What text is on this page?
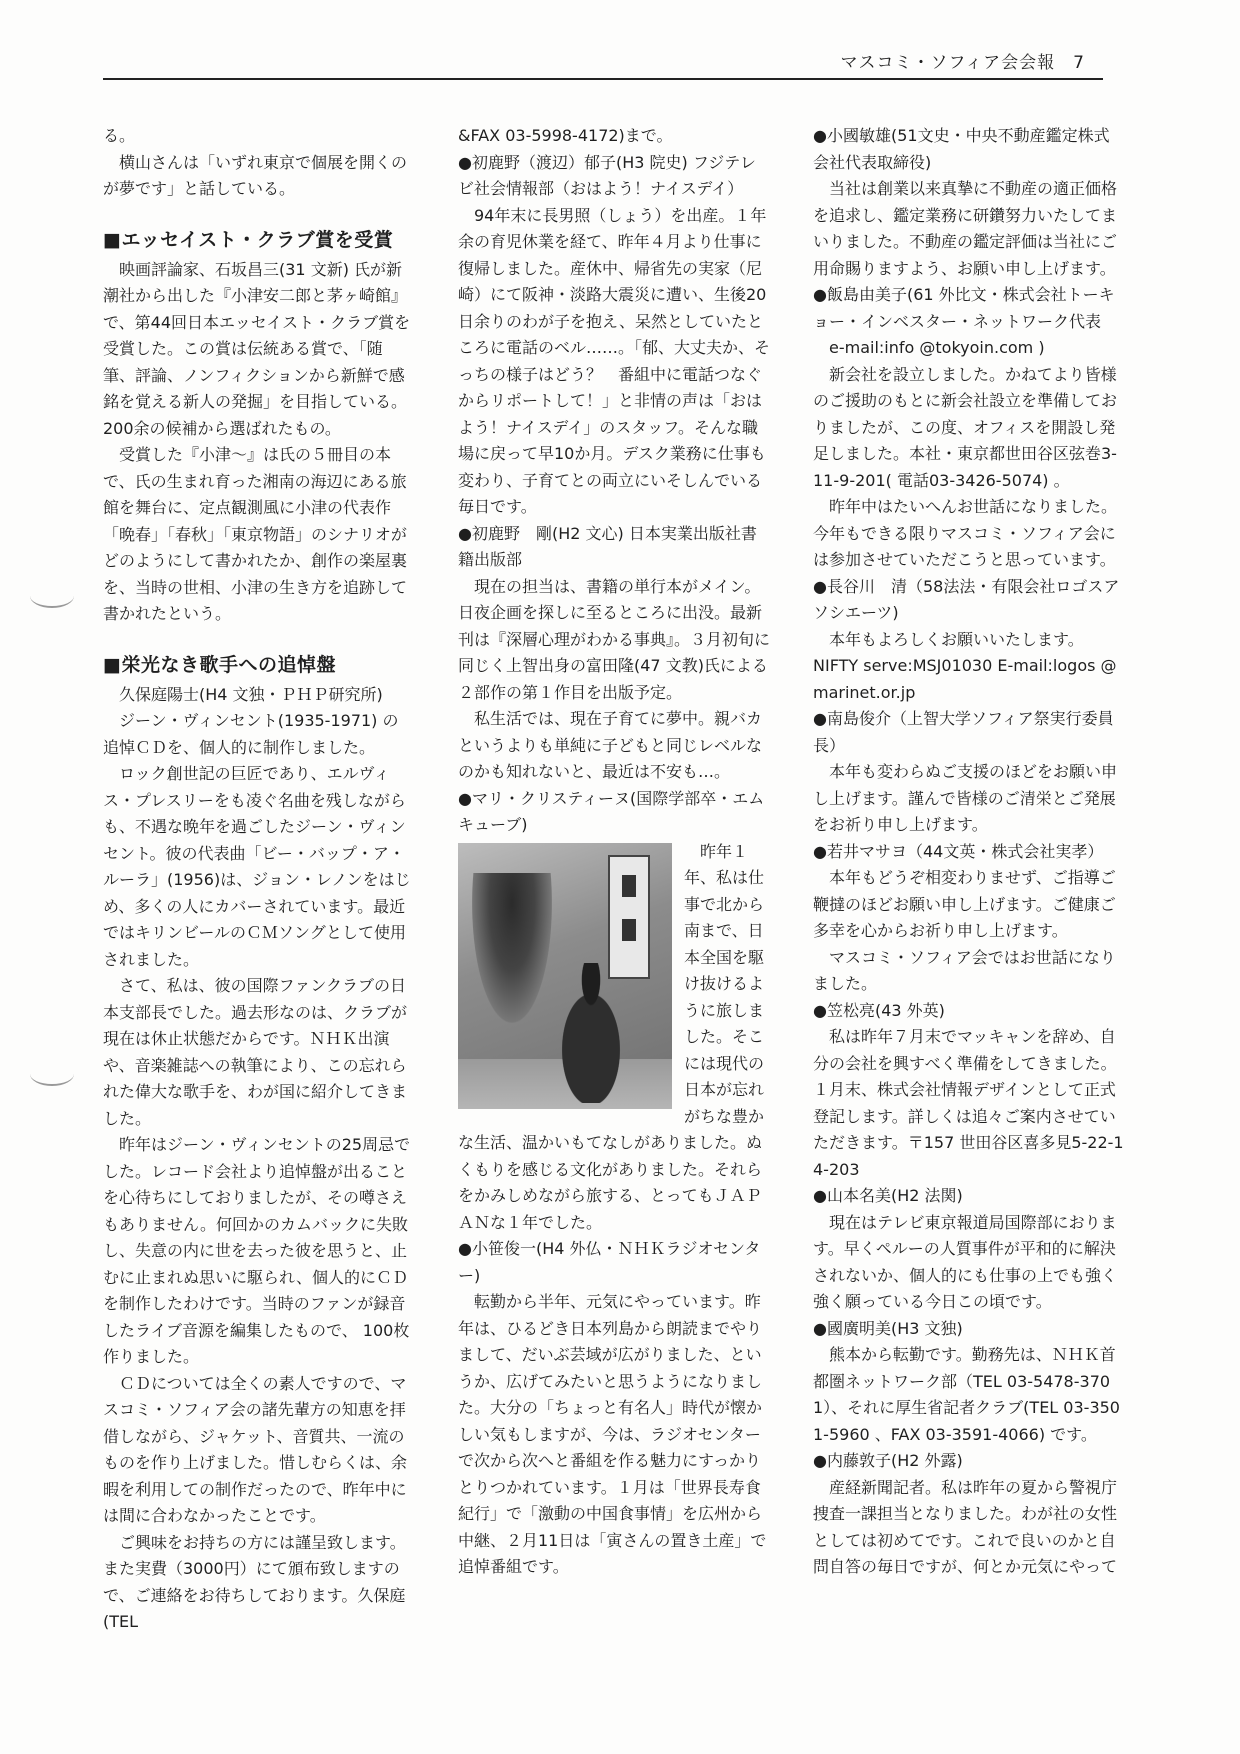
マスコミ・ソフィア会会報　7

る。

横山さんは「いずれ東京で個展を開くのが夢です」と話している。

■エッセイスト・クラブ賞を受賞

映画評論家、石坂昌三(31 文新) 氏が新潮社から出した『小津安二郎と茅ヶ崎館』で、第44回日本エッセイスト・クラブ賞を受賞した。この賞は伝統ある賞で、「随筆、評論、ノンフィクションから新鮮で感銘を覚える新人の発掘」を目指している。200余の候補から選ばれたもの。

受賞した『小津～』は氏の５冊目の本で、氏の生まれ育った湘南の海辺にある旅館を舞台に、定点観測風に小津の代表作「晩春」「春秋」「東京物語」のシナリオがどのようにして書かれたか、創作の楽屋裏を、当時の世相、小津の生き方を追跡して書かれたという。

■栄光なき歌手への追悼盤

久保庭陽士(H4 文独・ＰＨＰ研究所)

ジーン・ヴィンセント(1935-1971) の追悼ＣＤを、個人的に制作しました。

ロック創世記の巨匠であり、エルヴィス・プレスリーをも凌ぐ名曲を残しながらも、不遇な晩年を過ごしたジーン・ヴィンセント。彼の代表曲「ビー・バップ・ア・ルーラ」(1956)は、ジョン・レノンをはじめ、多くの人にカバーされています。最近ではキリンビールのＣＭソングとして使用されました。

さて、私は、彼の国際ファンクラブの日本支部長でした。過去形なのは、クラブが現在は休止状態だからです。ＮＨＫ出演や、音楽雑誌への執筆により、この忘れられた偉大な歌手を、わが国に紹介してきました。

昨年はジーン・ヴィンセントの25周忌でした。レコード会社より追悼盤が出ることを心待ちにしておりましたが、その噂さえもありません。何回かのカムバックに失敗し、失意の内に世を去った彼を思うと、止むに止まれぬ思いに駆られ、個人的にＣＤを制作したわけです。当時のファンが録音したライブ音源を編集したもので、 100枚作りました。

ＣＤについては全くの素人ですので、マスコミ・ソフィア会の諸先輩方の知恵を拝借しながら、ジャケット、音質共、一流のものを作り上げました。惜しむらくは、余暇を利用しての制作だったので、昨年中には間に合わなかったことです。

ご興味をお持ちの方には謹呈致します。また実費（3000円）にて頒布致しますので、ご連絡をお待ちしております。久保庭(TEL

&FAX 03-5998-4172)まで。

●初鹿野（渡辺）郁子(H3 院史) フジテレビ社会情報部（おはよう！ナイスデイ）

94年末に長男照（しょう）を出産。１年余の育児休業を経て、昨年４月より仕事に復帰しました。産休中、帰省先の実家（尼崎）にて阪神・淡路大震災に遭い、生後20日余りのわが子を抱え、呆然としていたところに電話のベル……。「郁、大丈夫か、そっちの様子はどう？　番組中に電話つなぐからリポートして！」と非情の声は「おはよう！ナイスデイ」のスタッフ。そんな職場に戻って早10か月。デスク業務に仕事も変わり、子育てとの両立にいそしんでいる毎日です。

●初鹿野　剛(H2 文心) 日本実業出版社書籍出版部

現在の担当は、書籍の単行本がメイン。日夜企画を探しに至るところに出没。最新刊は『深層心理がわかる事典』。３月初旬に同じく上智出身の富田隆(47 文教)氏による２部作の第１作目を出版予定。

私生活では、現在子育てに夢中。親バカというよりも単純に子どもと同じレベルなのかも知れないと、最近は不安も…。

●マリ・クリスティーヌ(国際学部卒・エムキューブ)

昨年１年、私は仕事で北から南まで、日本全国を駆け抜けるように旅しました。そこには現代の日本が忘れがちな豊かな生活、温かいもてなしがありました。ぬくもりを感じる文化がありました。それらをかみしめながら旅する、とってもＪＡＰＡＮな１年でした。

●小笹俊一(H4 外仏・ＮＨＫラジオセンター)

転勤から半年、元気にやっています。昨年は、ひるどき日本列島から朗読までやりまして、だいぶ芸域が広がりました、というか、広げてみたいと思うようになりました。大分の「ちょっと有名人」時代が懐かしい気もしますが、今は、ラジオセンターで次から次へと番組を作る魅力にすっかりとりつかれています。１月は「世界長寿食紀行」で「激動の中国食事情」を広州から中継、２月11日は「寅さんの置き土産」で追悼番組です。

●小國敏雄(51文史・中央不動産鑑定株式会社代表取締役)

当社は創業以来真摯に不動産の適正価格を追求し、鑑定業務に研鑽努力いたしてまいりました。不動産の鑑定評価は当社にご用命賜りますよう、お願い申し上げます。

●飯島由美子(61 外比文・株式会社トーキョー・インベスター・ネットワーク代表

e-mail:info @tokyoin.com )

新会社を設立しました。かねてより皆様のご援助のもとに新会社設立を準備しておりましたが、この度、オフィスを開設し発足しました。本社・東京都世田谷区弦巻3-11-9-201( 電話03-3426-5074) 。

昨年中はたいへんお世話になりました。今年もできる限りマスコミ・ソフィア会には参加させていただこうと思っています。

●長谷川　清（58法法・有限会社ロゴスアソシエーツ)

本年もよろしくお願いいたします。

NIFTY serve:MSJ01030 E-mail:logos @marinet.or.jp

●南島俊介（上智大学ソフィア祭実行委員長）

本年も変わらぬご支援のほどをお願い申し上げます。謹んで皆様のご清栄とご発展をお祈り申し上げます。

●若井マサヨ（44文英・株式会社実孝）

本年もどうぞ相変わりませず、ご指導ご鞭撻のほどお願い申し上げます。ご健康ご多幸を心からお祈り申し上げます。

マスコミ・ソフィア会ではお世話になりました。

●笠松亮(43 外英)

私は昨年７月末でマッキャンを辞め、自分の会社を興すべく準備をしてきました。１月末、株式会社情報デザインとして正式登記します。詳しくは追々ご案内させていただきます。〒157 世田谷区喜多見5-22-14-203

●山本名美(H2 法関)

現在はテレビ東京報道局国際部におります。早くペルーの人質事件が平和的に解決されないか、個人的にも仕事の上でも強く強く願っている今日この頃です。

●國廣明美(H3 文独)

熊本から転勤です。勤務先は、ＮＨＫ首都圏ネットワーク部（TEL 03-5478-3701）、それに厚生省記者クラブ(TEL 03-3501-5960 、FAX 03-3591-4066) です。

●内藤敦子(H2 外露)

産経新聞記者。私は昨年の夏から警視庁捜査一課担当となりました。わが社の女性としては初めてです。これで良いのかと自問自答の毎日ですが、何とか元気にやって
